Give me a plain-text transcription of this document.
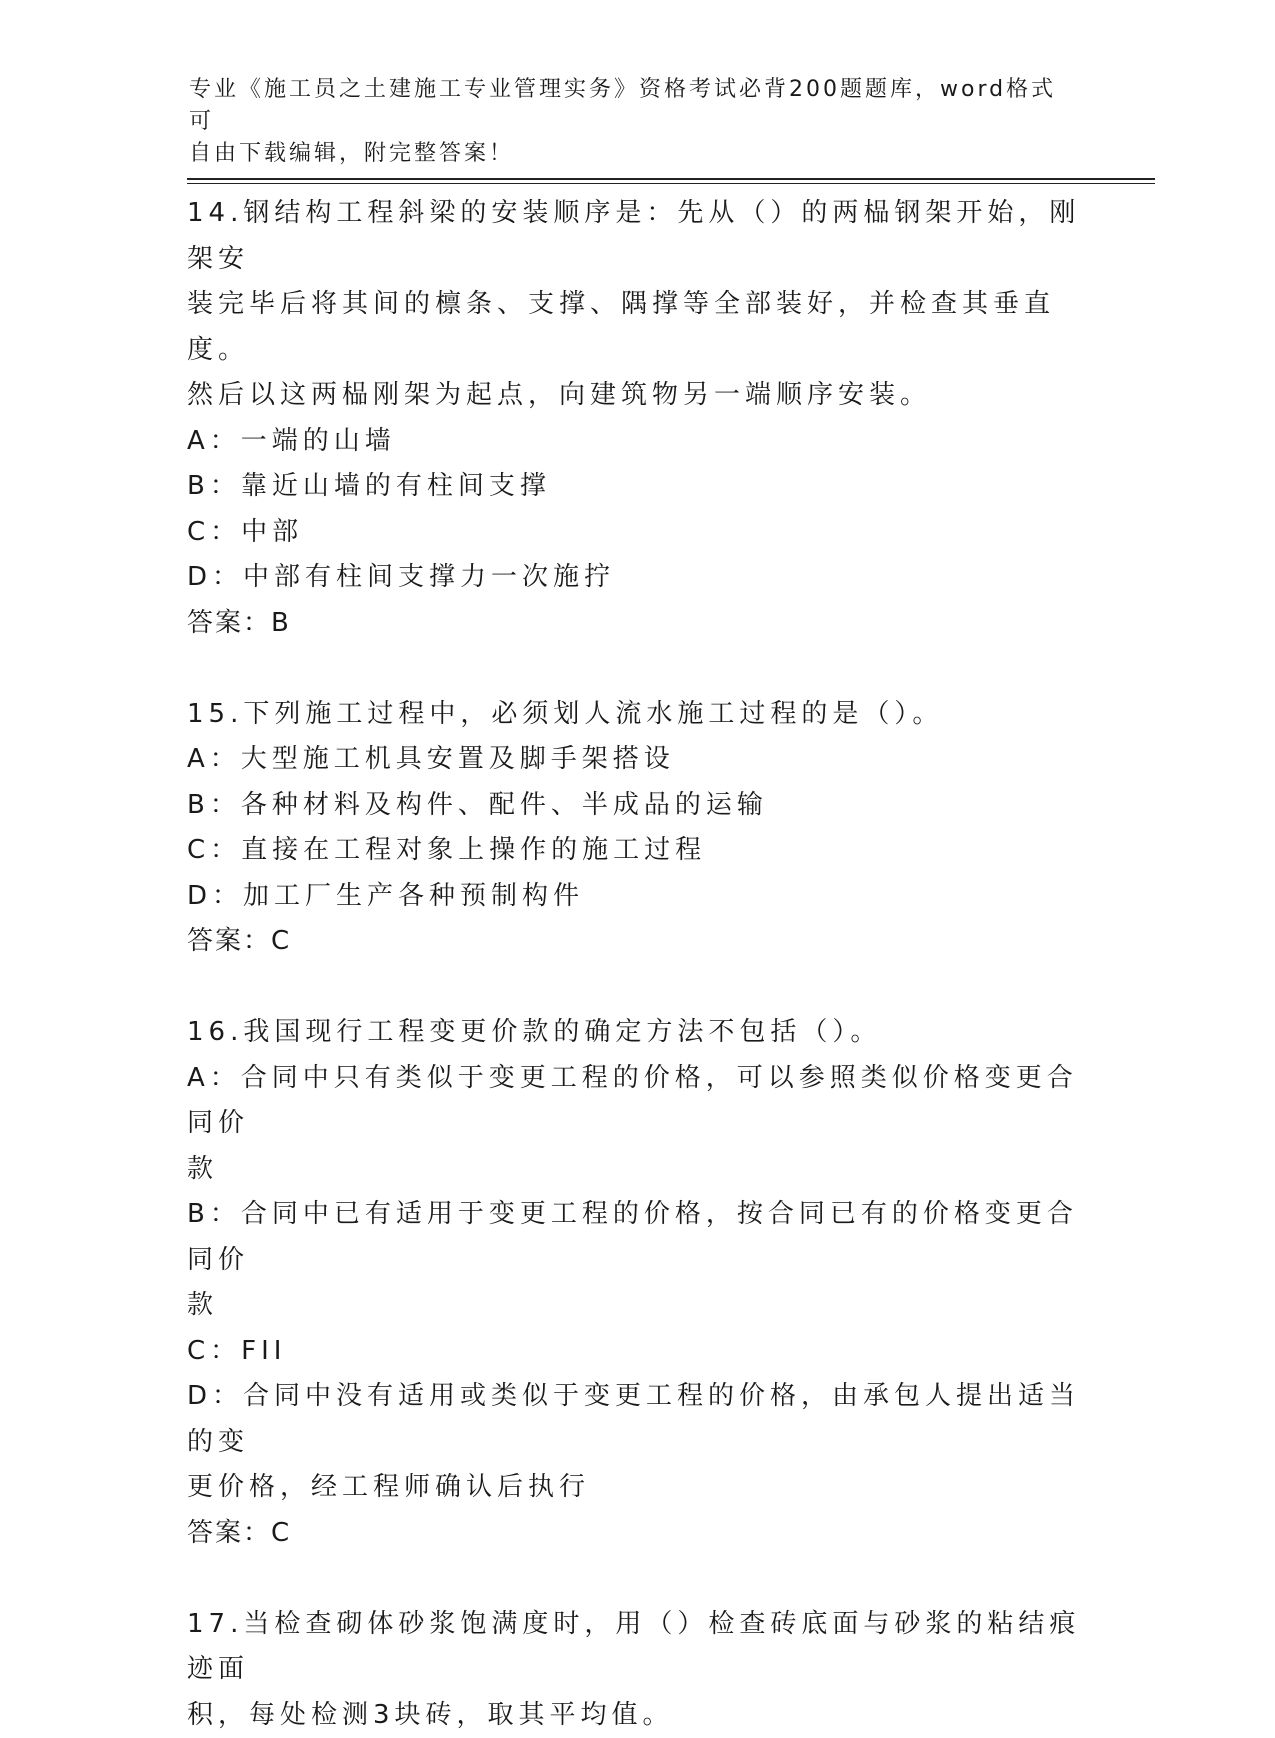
专业《施工员之土建施工专业管理实务》资格考试必背200题题库，word格式可
自由下载编辑，附完整答案！
14.钢结构工程斜梁的安装顺序是：先从（）的两榀钢架开始，刚架安
装完毕后将其间的檩条、支撑、隅撑等全部装好，并检查其垂直度。
然后以这两榀刚架为起点，向建筑物另一端顺序安装。
A：一端的山墙
B：靠近山墙的有柱间支撑
C：中部
D：中部有柱间支撑力一次施拧
答案：B
15.下列施工过程中，必须划人流水施工过程的是（）。
A：大型施工机具安置及脚手架搭设
B：各种材料及构件、配件、半成品的运输
C：直接在工程对象上操作的施工过程
D：加工厂生产各种预制构件
答案：C
16.我国现行工程变更价款的确定方法不包括（）。
A：合同中只有类似于变更工程的价格，可以参照类似价格变更合同价
款
B：合同中已有适用于变更工程的价格，按合同已有的价格变更合同价
款
C：FII
D：合同中没有适用或类似于变更工程的价格，由承包人提出适当的变
更价格，经工程师确认后执行
答案：C
17.当检查砌体砂浆饱满度时，用（）检查砖底面与砂浆的粘结痕迹面
积，每处检测3块砖，取其平均值。
